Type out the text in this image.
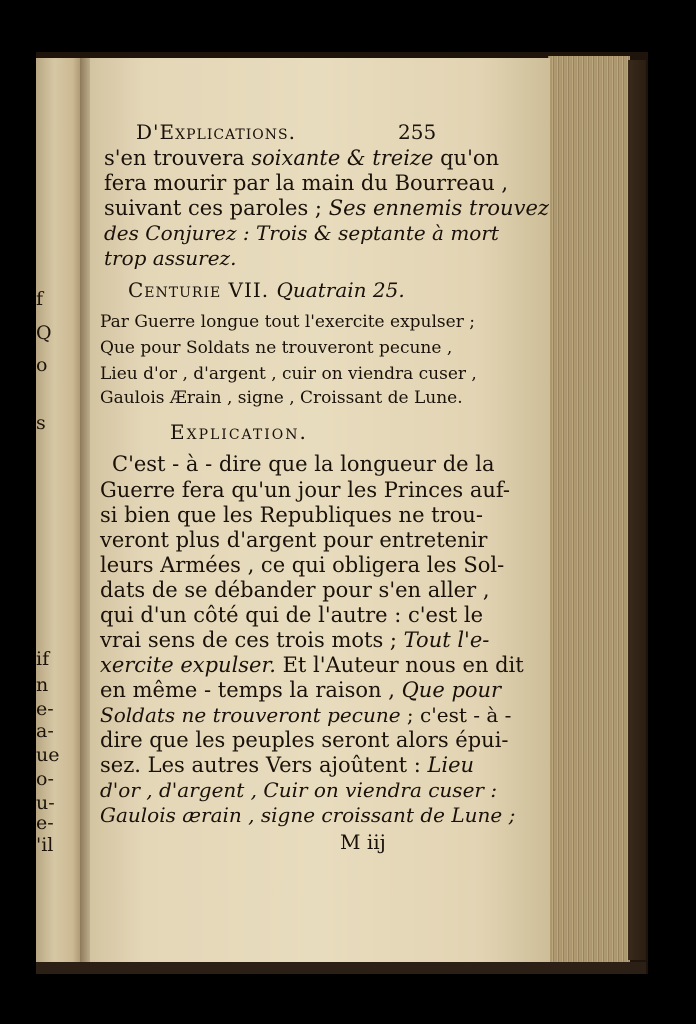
f
Q
o
s
if
n
e-
a-
ue
o-
u-
e-
'il
D'Explications.	255
s'en trouvera soixante & treize qu'on
fera mourir par la main du Bourreau ,
suivant ces paroles ; Ses ennemis trouvez
des Conjurez : Trois & septante à mort
trop assurez.
Centurie VII. Quatrain 25.
Par Guerre longue tout l'exercite expulser ;
Que pour Soldats ne trouveront pecune ,
Lieu d'or , d'argent , cuir on viendra cuser ,
Gaulois Ærain , signe , Croissant de Lune.
Explication.
C'est - à - dire que la longueur de la
Guerre fera qu'un jour les Princes auf-
si bien que les Republiques ne trou-
veront plus d'argent pour entretenir
leurs Armées , ce qui obligera les Sol-
dats de se débander pour s'en aller ,
qui d'un côté qui de l'autre : c'est le
vrai sens de ces trois mots ; Tout l'e-
xercite expulser. Et l'Auteur nous en dit
en même - temps la raison , Que pour
Soldats ne trouveront pecune ; c'est - à -
dire que les peuples seront alors épui-
sez. Les autres Vers ajoûtent : Lieu
d'or , d'argent , Cuir on viendra cuser :
Gaulois ærain , signe croissant de Lune ;
M iij
